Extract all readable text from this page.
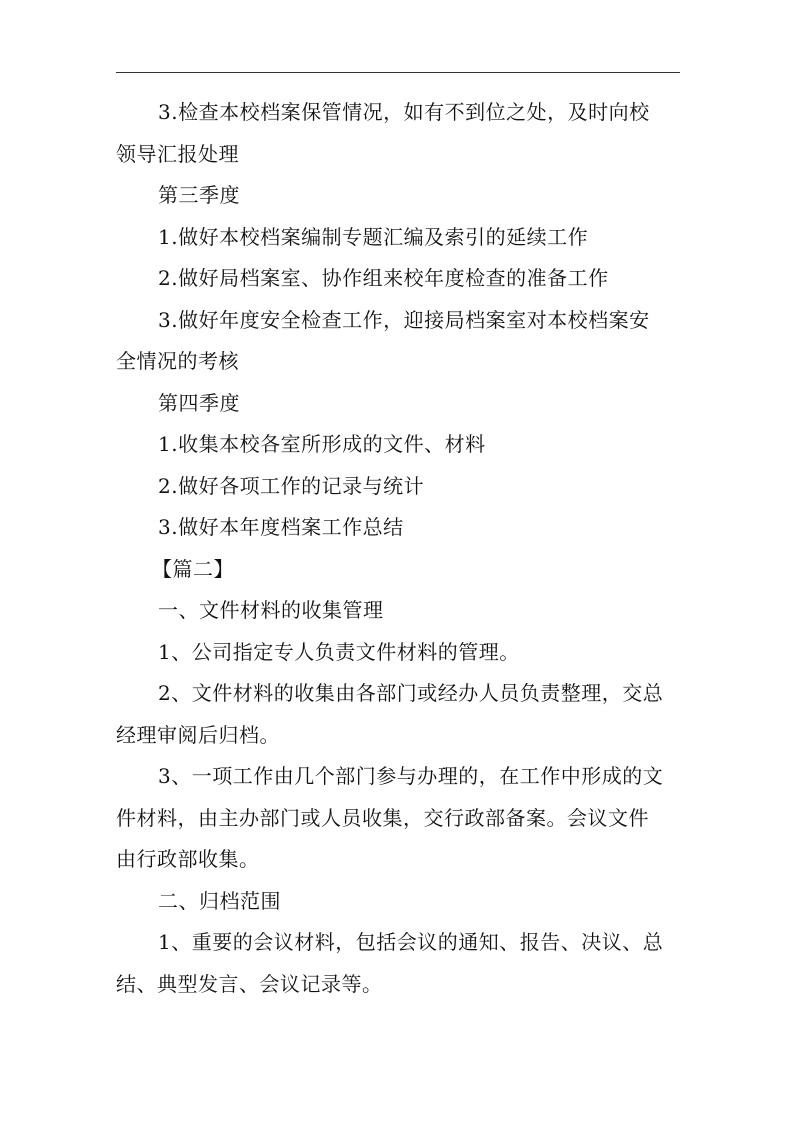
3.检查本校档案保管情况，如有不到位之处，及时向校
领导汇报处理
第三季度
1.做好本校档案编制专题汇编及索引的延续工作
2.做好局档案室、协作组来校年度检查的准备工作
3.做好年度安全检查工作，迎接局档案室对本校档案安
全情况的考核
第四季度
1.收集本校各室所形成的文件、材料
2.做好各项工作的记录与统计
3.做好本年度档案工作总结
【篇二】
一、文件材料的收集管理
1、公司指定专人负责文件材料的管理。
2、文件材料的收集由各部门或经办人员负责整理，交总
经理审阅后归档。
3、一项工作由几个部门参与办理的，在工作中形成的文
件材料，由主办部门或人员收集，交行政部备案。会议文件
由行政部收集。
二、归档范围
1、重要的会议材料，包括会议的通知、报告、决议、总
结、典型发言、会议记录等。
